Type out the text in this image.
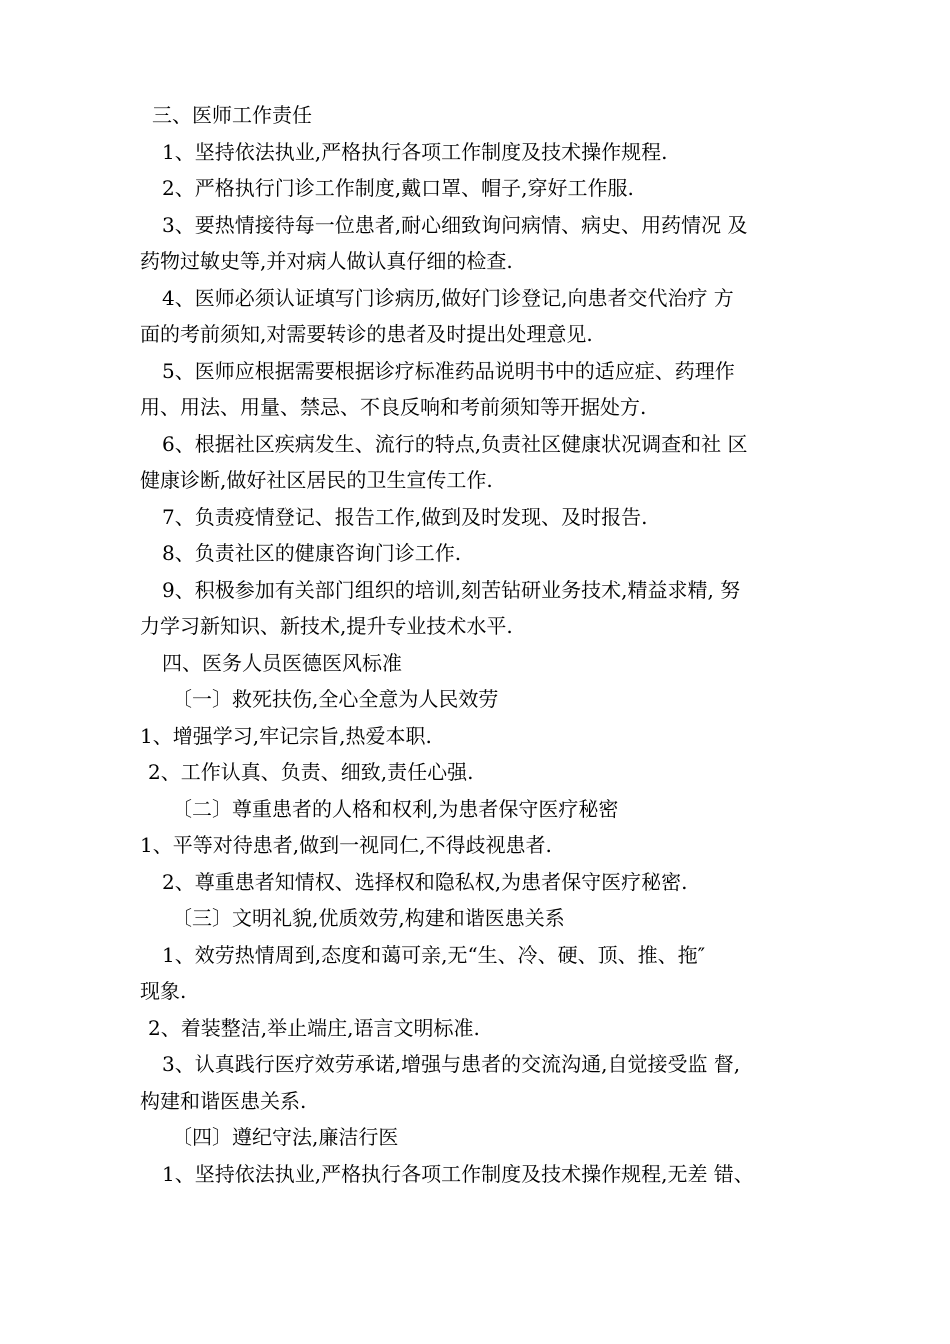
三、医师工作责任
1、坚持依法执业,严格执行各项工作制度及技术操作规程.
2、严格执行门诊工作制度,戴口罩、帽子,穿好工作服.
3、要热情接待每一位患者,耐心细致询问病情、病史、用药情况 及
药物过敏史等,并对病人做认真仔细的检查.
4、医师必须认证填写门诊病历,做好门诊登记,向患者交代治疗 方
面的考前须知,对需要转诊的患者及时提出处理意见.
5、医师应根据需要根据诊疗标准药品说明书中的适应症、药理作
用、用法、用量、禁忌、不良反响和考前须知等开据处方.
6、根据社区疾病发生、流行的特点,负责社区健康状况调查和社 区
健康诊断,做好社区居民的卫生宣传工作.
7、负责疫情登记、报告工作,做到及时发现、及时报告.
8、负责社区的健康咨询门诊工作.
9、积极参加有关部门组织的培训,刻苦钻研业务技术,精益求精, 努
力学习新知识、新技术,提升专业技术水平.
四、医务人员医德医风标准
〔一〕救死扶伤,全心全意为人民效劳
1、增强学习,牢记宗旨,热爱本职.
2、工作认真、负责、细致,责任心强.
〔二〕尊重患者的人格和权利,为患者保守医疗秘密
1、平等对待患者,做到一视同仁,不得歧视患者.
2、尊重患者知情权、选择权和隐私权,为患者保守医疗秘密.
〔三〕文明礼貌,优质效劳,构建和谐医患关系
1、效劳热情周到,态度和蔼可亲,无“生、冷、硬、顶、推、拖″
现象.
2、着装整洁,举止端庄,语言文明标准.
3、认真践行医疗效劳承诺,增强与患者的交流沟通,自觉接受监 督,
构建和谐医患关系.
〔四〕遵纪守法,廉洁行医
1、坚持依法执业,严格执行各项工作制度及技术操作规程,无差 错、
